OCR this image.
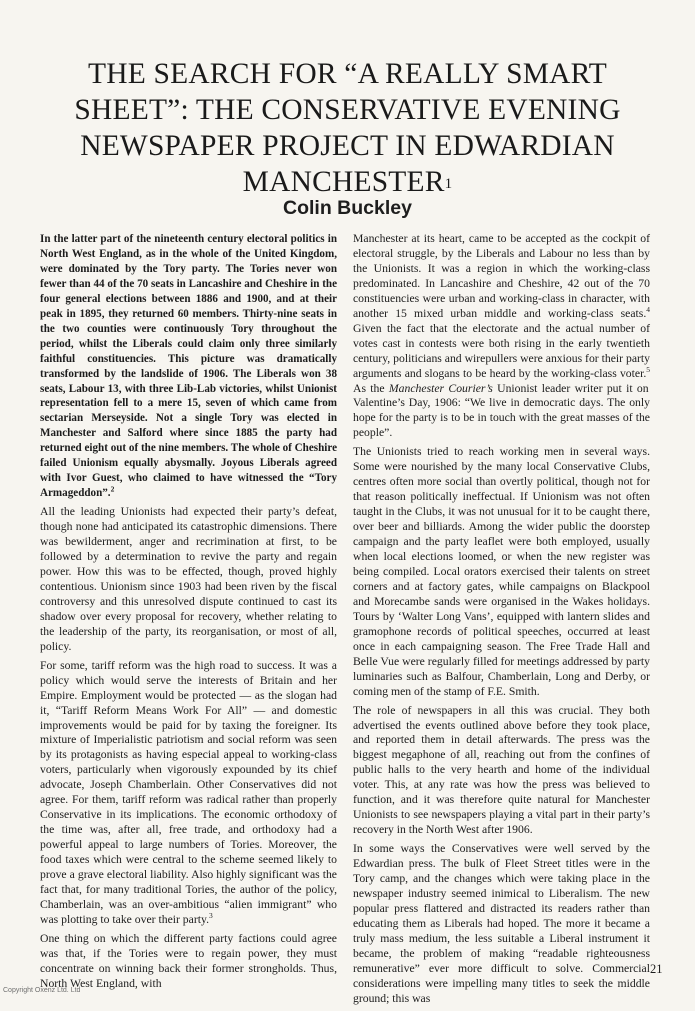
THE SEARCH FOR “A REALLY SMART SHEET”: THE CONSERVATIVE EVENING NEWSPAPER PROJECT IN EDWARDIAN MANCHESTER$^1$
Colin Buckley

In the latter part of the nineteenth century electoral politics in North West England, as in the whole of the United Kingdom, were dominated by the Tory party. The Tories never won fewer than 44 of the 70 seats in Lancashire and Cheshire in the four general elections between 1886 and 1900, and at their peak in 1895, they returned 60 members. Thirty-nine seats in the two counties were continuously Tory throughout the period, whilst the Liberals could claim only three similarly faithful constituencies. This picture was dramatically transformed by the landslide of 1906. The Liberals won 38 seats, Labour 13, with three Lib-Lab victories, whilst Unionist representation fell to a mere 15, seven of which came from sectarian Merseyside. Not a single Tory was elected in Manchester and Salford where since 1885 the party had returned eight out of the nine members. The whole of Cheshire failed Unionism equally abysmally. Joyous Liberals agreed with Ivor Guest, who claimed to have witnessed the “Tory Armageddon”.$^2$

All the leading Unionists had expected their party’s defeat, though none had anticipated its catastrophic dimensions. There was bewilderment, anger and recrimination at first, to be followed by a determination to revive the party and regain power. How this was to be effected, though, proved highly contentious. Unionism since 1903 had been riven by the fiscal controversy and this unresolved dispute continued to cast its shadow over every proposal for recovery, whether relating to the leadership of the party, its reorganisation, or most of all, policy.

For some, tariff reform was the high road to success. It was a policy which would serve the interests of Britain and her Empire. Employment would be protected — as the slogan had it, “Tariff Reform Means Work For All” — and domestic improvements would be paid for by taxing the foreigner. Its mixture of Imperialistic patriotism and social reform was seen by its protagonists as having especial appeal to working-class voters, particularly when vigorously expounded by its chief advocate, Joseph Chamberlain. Other Conservatives did not agree. For them, tariff reform was radical rather than properly Conservative in its implications. The economic orthodoxy of the time was, after all, free trade, and orthodoxy had a powerful appeal to large numbers of Tories. Moreover, the food taxes which were central to the scheme seemed likely to prove a grave electoral liability. Also highly significant was the fact that, for many traditional Tories, the author of the policy, Chamberlain, was an over-ambitious “alien immigrant” who was plotting to take over their party.$^3$

One thing on which the different party factions could agree was that, if the Tories were to regain power, they must concentrate on winning back their former strongholds. Thus, North West England, with

Manchester at its heart, came to be accepted as the cockpit of electoral struggle, by the Liberals and Labour no less than by the Unionists. It was a region in which the working-class predominated. In Lancashire and Cheshire, 42 out of the 70 constituencies were urban and working-class in character, with another 15 mixed urban middle and working-class seats.$^4$ Given the fact that the electorate and the actual number of votes cast in contests were both rising in the early twentieth century, politicians and wirepullers were anxious for their party arguments and slogans to be heard by the working-class voter.$^5$ As the Manchester Courier’s Unionist leader writer put it on Valentine’s Day, 1906: “We live in democratic days. The only hope for the party is to be in touch with the great masses of the people”.

The Unionists tried to reach working men in several ways. Some were nourished by the many local Conservative Clubs, centres often more social than overtly political, though not for that reason politically ineffectual. If Unionism was not often taught in the Clubs, it was not unusual for it to be caught there, over beer and billiards. Among the wider public the doorstep campaign and the party leaflet were both employed, usually when local elections loomed, or when the new register was being compiled. Local orators exercised their talents on street corners and at factory gates, while campaigns on Blackpool and Morecambe sands were organised in the Wakes holidays. Tours by ‘Walter Long Vans’, equipped with lantern slides and gramophone records of political speeches, occurred at least once in each campaigning season. The Free Trade Hall and Belle Vue were regularly filled for meetings addressed by party luminaries such as Balfour, Chamberlain, Long and Derby, or coming men of the stamp of F.E. Smith.

The role of newspapers in all this was crucial. They both advertised the events outlined above before they took place, and reported them in detail afterwards. The press was the biggest megaphone of all, reaching out from the confines of public halls to the very hearth and home of the individual voter. This, at any rate was how the press was believed to function, and it was therefore quite natural for Manchester Unionists to see newspapers playing a vital part in their party’s recovery in the North West after 1906.

In some ways the Conservatives were well served by the Edwardian press. The bulk of Fleet Street titles were in the Tory camp, and the changes which were taking place in the newspaper industry seemed inimical to Liberalism. The new popular press flattered and distracted its readers rather than educating them as Liberals had hoped. The more it became a truly mass medium, the less suitable a Liberal instrument it became, the problem of making “readable righteousness remunerative” ever more difficult to solve. Commercial considerations were impelling many titles to seek the middle ground; this was

21
Copyright Oxenz Ltd. Ltd
